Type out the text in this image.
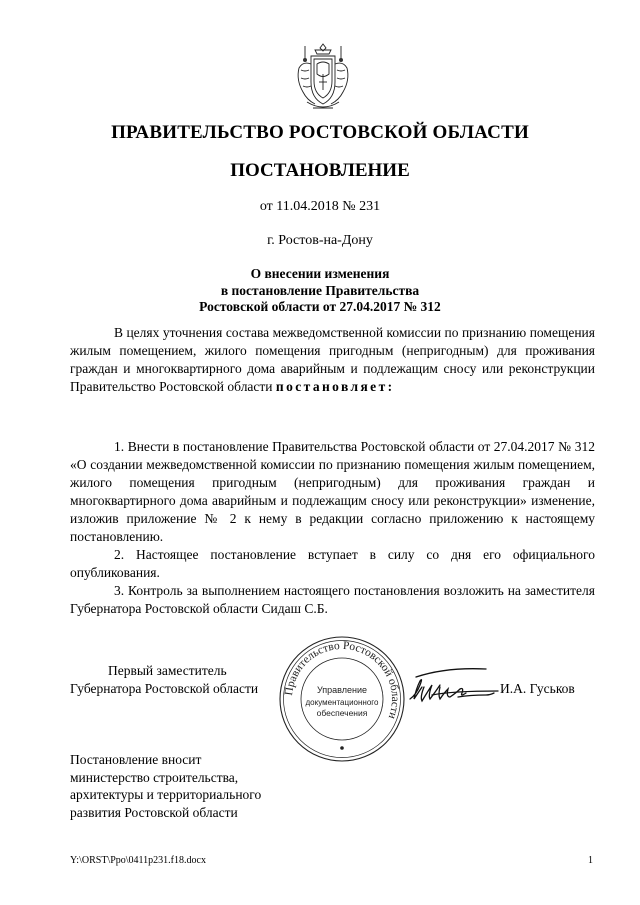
ПРАВИТЕЛЬСТВО РОСТОВСКОЙ ОБЛАСТИ
ПОСТАНОВЛЕНИЕ
от 11.04.2018 № 231
г. Ростов-на-Дону
О внесении изменения
в постановление Правительства
Ростовской области от 27.04.2017 № 312

В целях уточнения состава межведомственной комиссии по признанию помещения жилым помещением, жилого помещения пригодным (непригодным) для проживания граждан и многоквартирного дома аварийным и подлежащим сносу или реконструкции Правительство Ростовской области постановляет:

1. Внести в постановление Правительства Ростовской области от 27.04.2017 № 312 «О создании межведомственной комиссии по признанию помещения жилым помещением, жилого помещения пригодным (непригодным) для проживания граждан и многоквартирного дома аварийным и подлежащим сносу или реконструкции» изменение, изложив приложение № 2 к нему в редакции согласно приложению к настоящему постановлению.

2. Настоящее постановление вступает в силу со дня его официального опубликования.

3. Контроль за выполнением настоящего постановления возложить на заместителя Губернатора Ростовской области Сидаш С.Б.

Первый заместитель
Губернатора Ростовской области Правительство Ростовской области
Управление
документационного
обеспечения
И.А. Гуськов
Постановление вносит
министерство строительства,
архитектуры и территориального
развития Ростовской области
Y:\ORST\Ppo\0411p231.f18.docx	1
